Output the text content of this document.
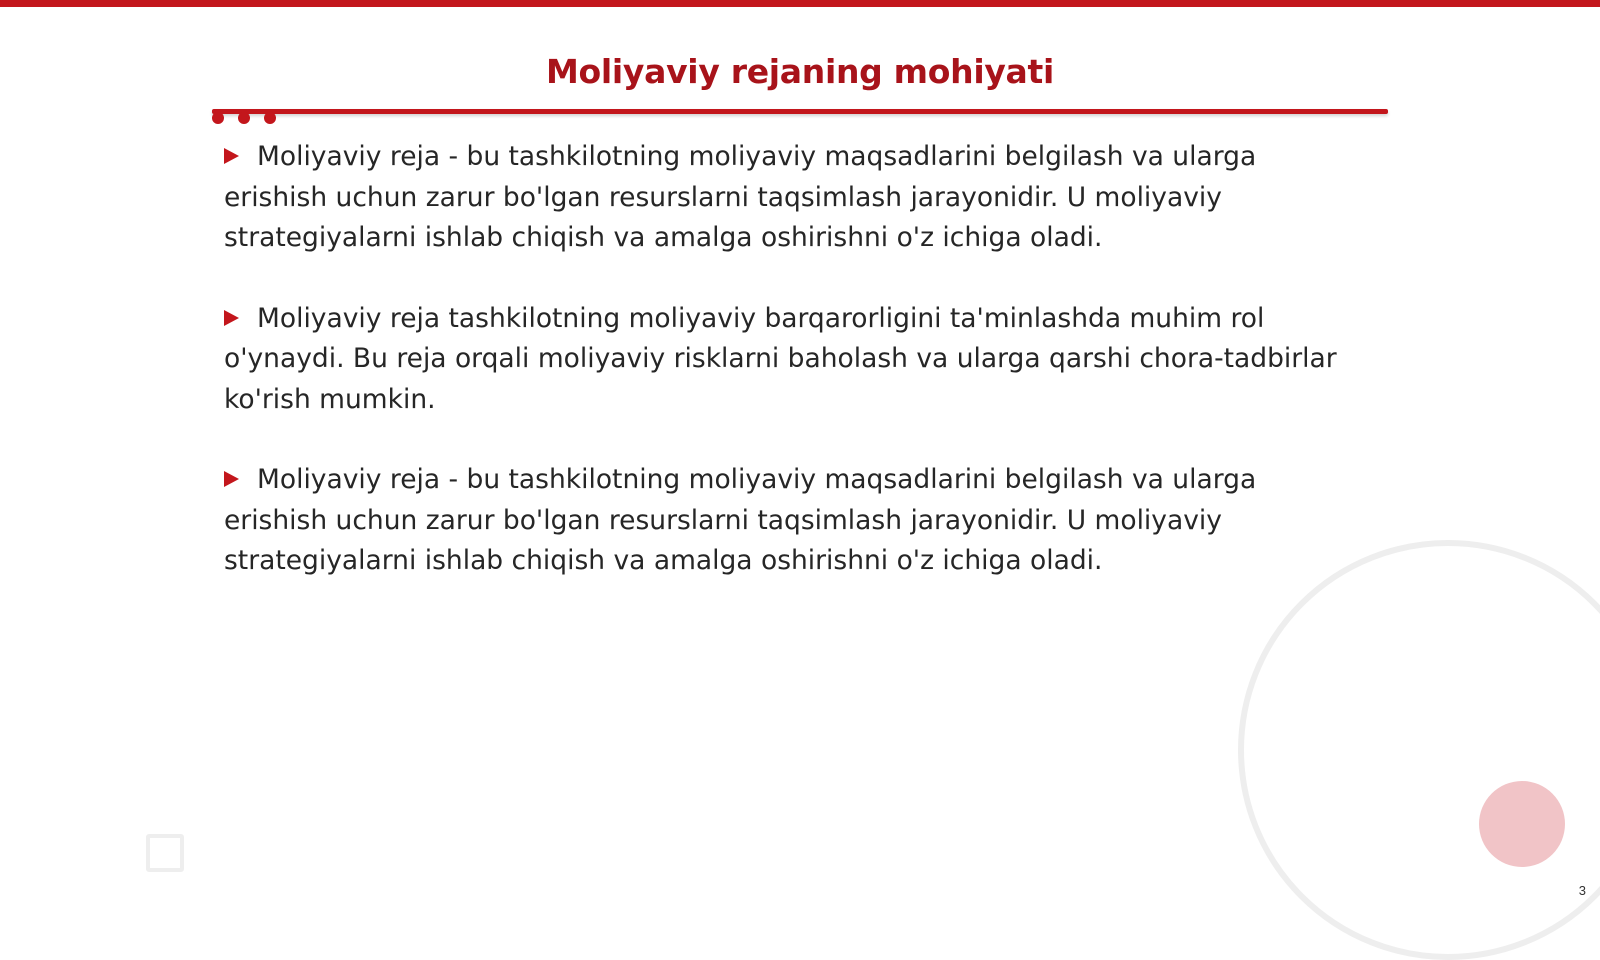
Moliyaviy rejaning mohiyati

Moliyaviy reja - bu tashkilotning moliyaviy maqsadlarini belgilash va ularga erishish uchun zarur bo'lgan resurslarni taqsimlash jarayonidir. U moliyaviy strategiyalarni ishlab chiqish va amalga oshirishni o'z ichiga oladi.

Moliyaviy reja tashkilotning moliyaviy barqarorligini ta'minlashda muhim rol o'ynaydi. Bu reja orqali moliyaviy risklarni baholash va ularga qarshi chora-tadbirlar ko'rish mumkin.

Moliyaviy reja - bu tashkilotning moliyaviy maqsadlarini belgilash va ularga erishish uchun zarur bo'lgan resurslarni taqsimlash jarayonidir. U moliyaviy strategiyalarni ishlab chiqish va amalga oshirishni o'z ichiga oladi.

3
